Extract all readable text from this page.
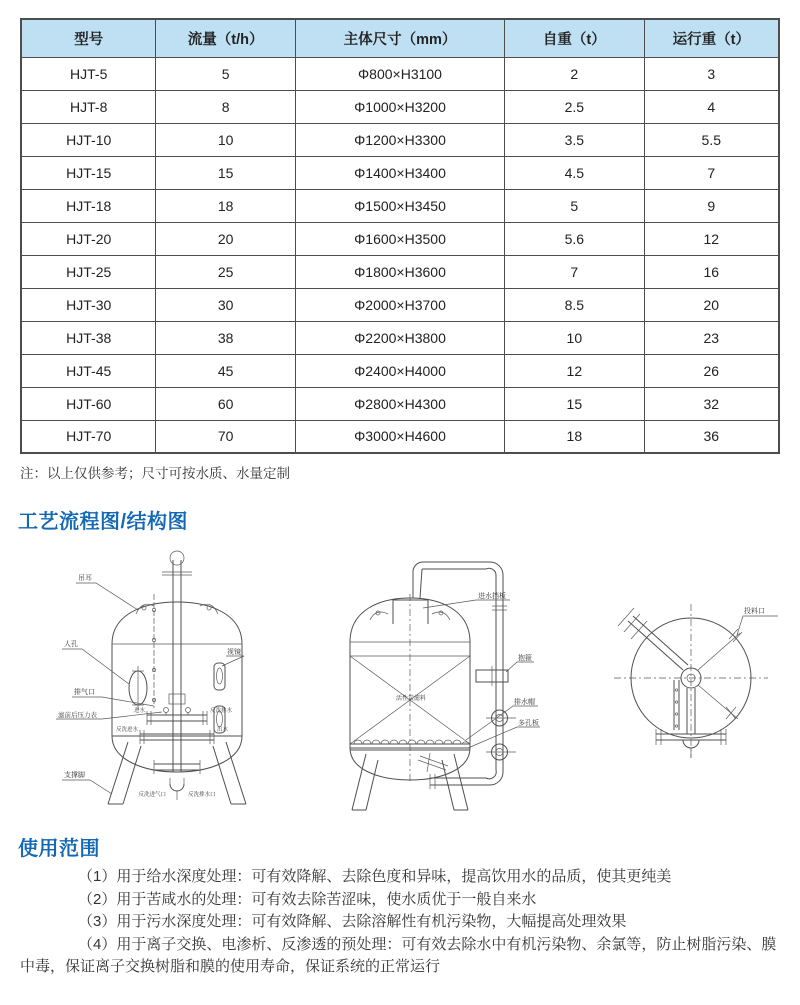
型号	流量（t/h）	主体尺寸（mm）	自重（t）	运行重（t）
HJT-5	5	Φ800×H3100	2	3
HJT-8	8	Φ1000×H3200	2.5	4
HJT-10	10	Φ1200×H3300	3.5	5.5
HJT-15	15	Φ1400×H3400	4.5	7
HJT-18	18	Φ1500×H3450	5	9
HJT-20	20	Φ1600×H3500	5.6	12
HJT-25	25	Φ1800×H3600	7	16
HJT-30	30	Φ2000×H3700	8.5	20
HJT-38	38	Φ2200×H3800	10	23
HJT-45	45	Φ2400×H4000	12	26
HJT-60	60	Φ2800×H4300	15	32
HJT-70	70	Φ3000×H4600	18	36
注：以上仅供参考；尺寸可按水质、水量定制
工艺流程图/结构图
吊耳
人孔
排气口
滤前后压力表
支撑脚
视镜
进水	反洗排水
反洗进水	出水
反洗进气口	反洗排水口
活性炭滤料
进水挡板
抱箍
排水帽
多孔板
投料口
使用范围

（1）用于给水深度处理：可有效降解、去除色度和异味，提高饮用水的品质，使其更纯美

（2）用于苦咸水的处理：可有效去除苦涩味，使水质优于一般自来水

（3）用于污水深度处理：可有效降解、去除溶解性有机污染物，大幅提高处理效果

（4）用于离子交换、电渗析、反渗透的预处理：可有效去除水中有机污染物、余氯等，防止树脂污染、膜中毒，保证离子交换树脂和膜的使用寿命，保证系统的正常运行
